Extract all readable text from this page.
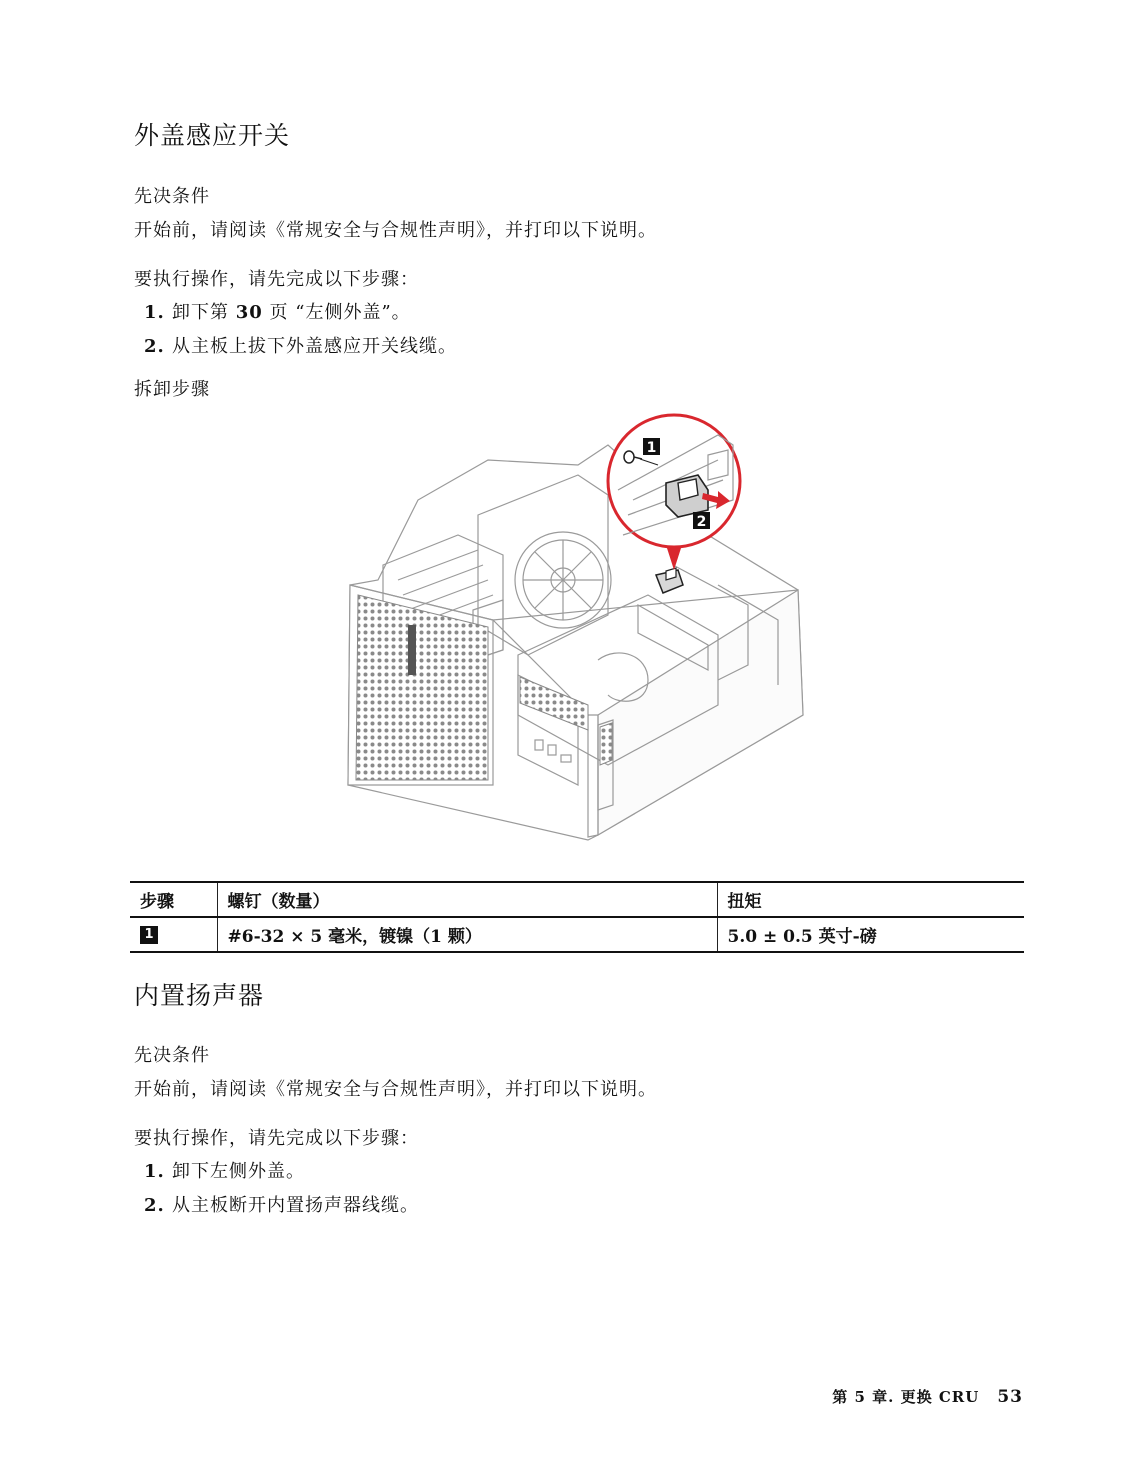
外盖感应开关
先决条件
开始前，请阅读《常规安全与合规性声明》，并打印以下说明。
要执行操作，请先完成以下步骤：
1. 卸下第 30 页 “左侧外盖”。
2. 从主板上拔下外盖感应开关线缆。
拆卸步骤
1
2
步骤	螺钉（数量）	扭矩
1	#6-32 × 5 毫米，镀镍（1 颗）	5.0 ± 0.5 英寸-磅
内置扬声器
先决条件
开始前，请阅读《常规安全与合规性声明》，并打印以下说明。
要执行操作，请先完成以下步骤：
1. 卸下左侧外盖。
2. 从主板断开内置扬声器线缆。
第 5 章. 更换 CRU 53
